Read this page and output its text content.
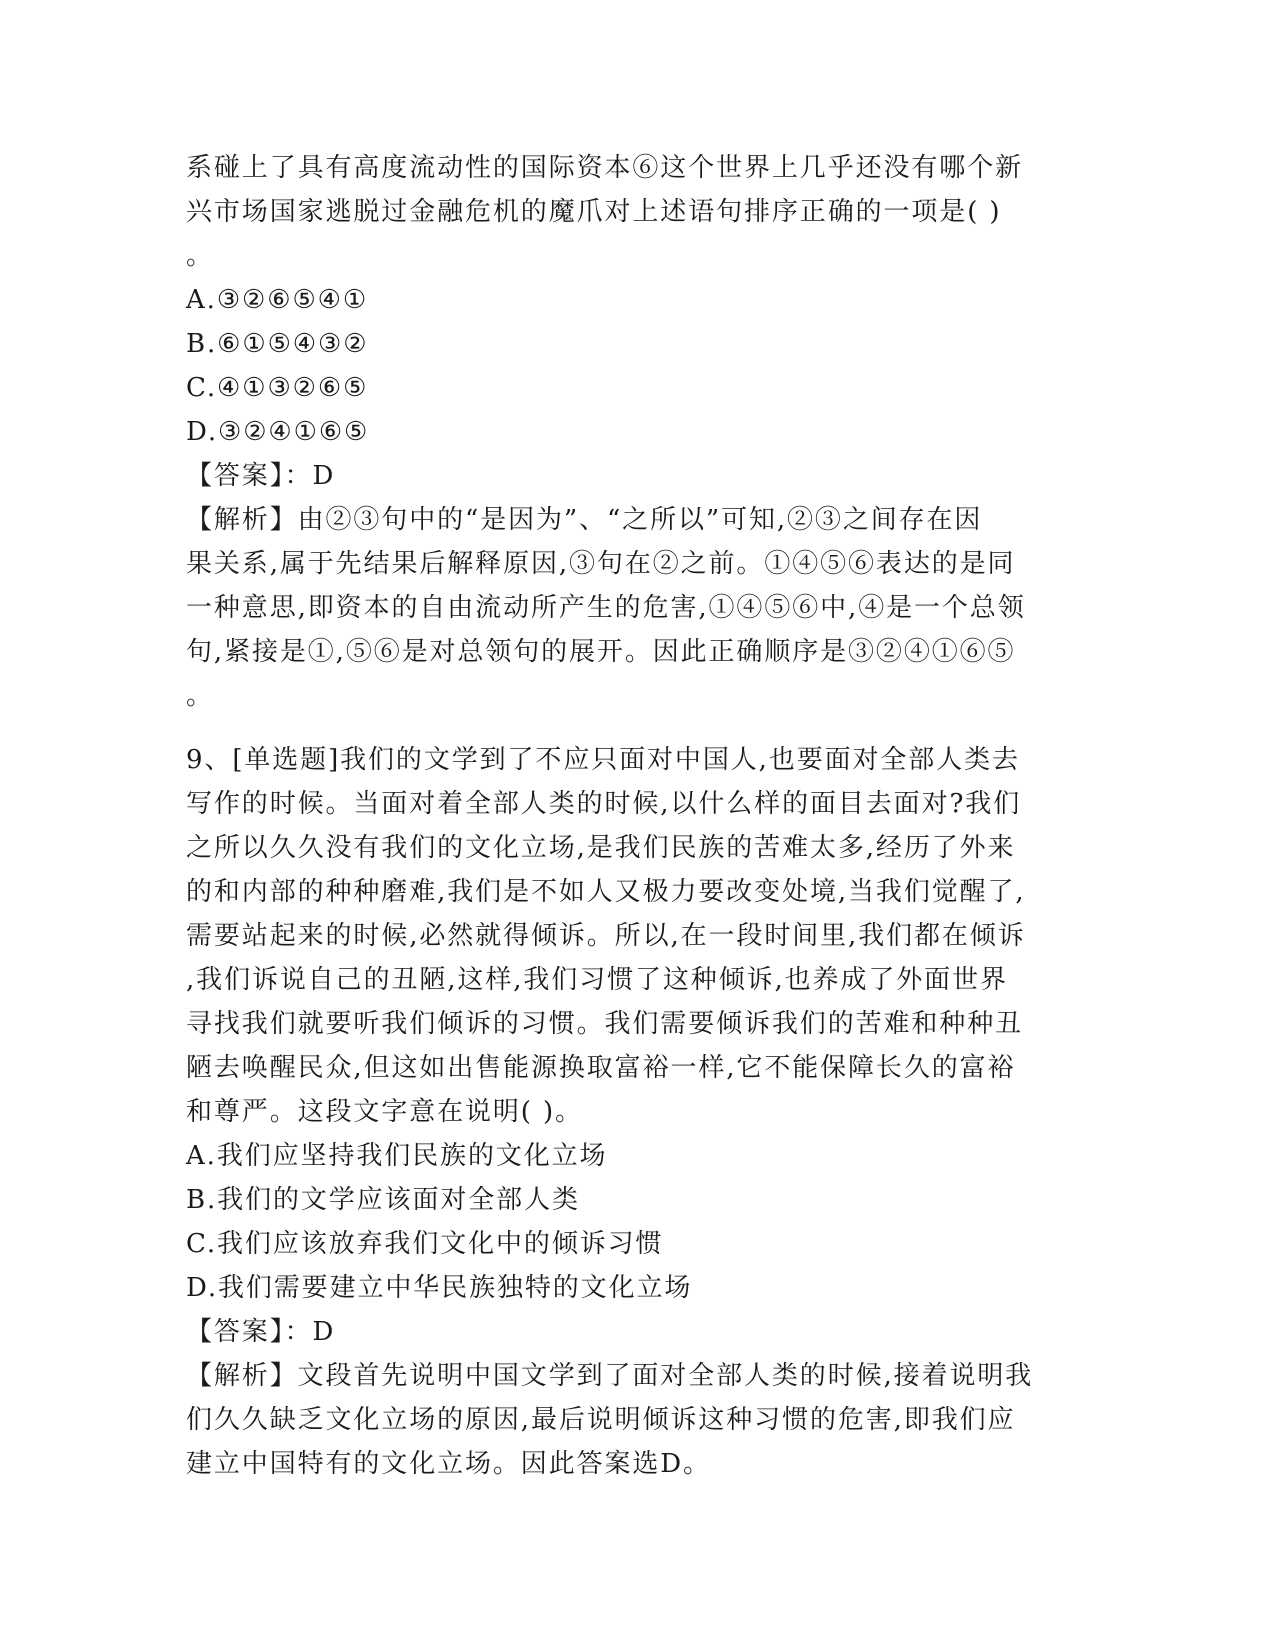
系碰上了具有高度流动性的国际资本⑥这个世界上几乎还没有哪个新
兴市场国家逃脱过金融危机的魔爪对上述语句排序正确的一项是( )
。
A.③②⑥⑤④①
B.⑥①⑤④③②
C.④①③②⑥⑤
D.③②④①⑥⑤
【答案】：D
【解析】由②③句中的“是因为”、“之所以”可知,②③之间存在因
果关系,属于先结果后解释原因,③句在②之前。①④⑤⑥表达的是同
一种意思,即资本的自由流动所产生的危害,①④⑤⑥中,④是一个总领
句,紧接是①,⑤⑥是对总领句的展开。因此正确顺序是③②④①⑥⑤
。
9、[单选题]我们的文学到了不应只面对中国人,也要面对全部人类去
写作的时候。当面对着全部人类的时候,以什么样的面目去面对?我们
之所以久久没有我们的文化立场,是我们民族的苦难太多,经历了外来
的和内部的种种磨难,我们是不如人又极力要改变处境,当我们觉醒了,
需要站起来的时候,必然就得倾诉。所以,在一段时间里,我们都在倾诉
,我们诉说自己的丑陋,这样,我们习惯了这种倾诉,也养成了外面世界
寻找我们就要听我们倾诉的习惯。我们需要倾诉我们的苦难和种种丑
陋去唤醒民众,但这如出售能源换取富裕一样,它不能保障长久的富裕
和尊严。这段文字意在说明( )。
A.我们应坚持我们民族的文化立场
B.我们的文学应该面对全部人类
C.我们应该放弃我们文化中的倾诉习惯
D.我们需要建立中华民族独特的文化立场
【答案】：D
【解析】文段首先说明中国文学到了面对全部人类的时候,接着说明我
们久久缺乏文化立场的原因,最后说明倾诉这种习惯的危害,即我们应
建立中国特有的文化立场。因此答案选D。
